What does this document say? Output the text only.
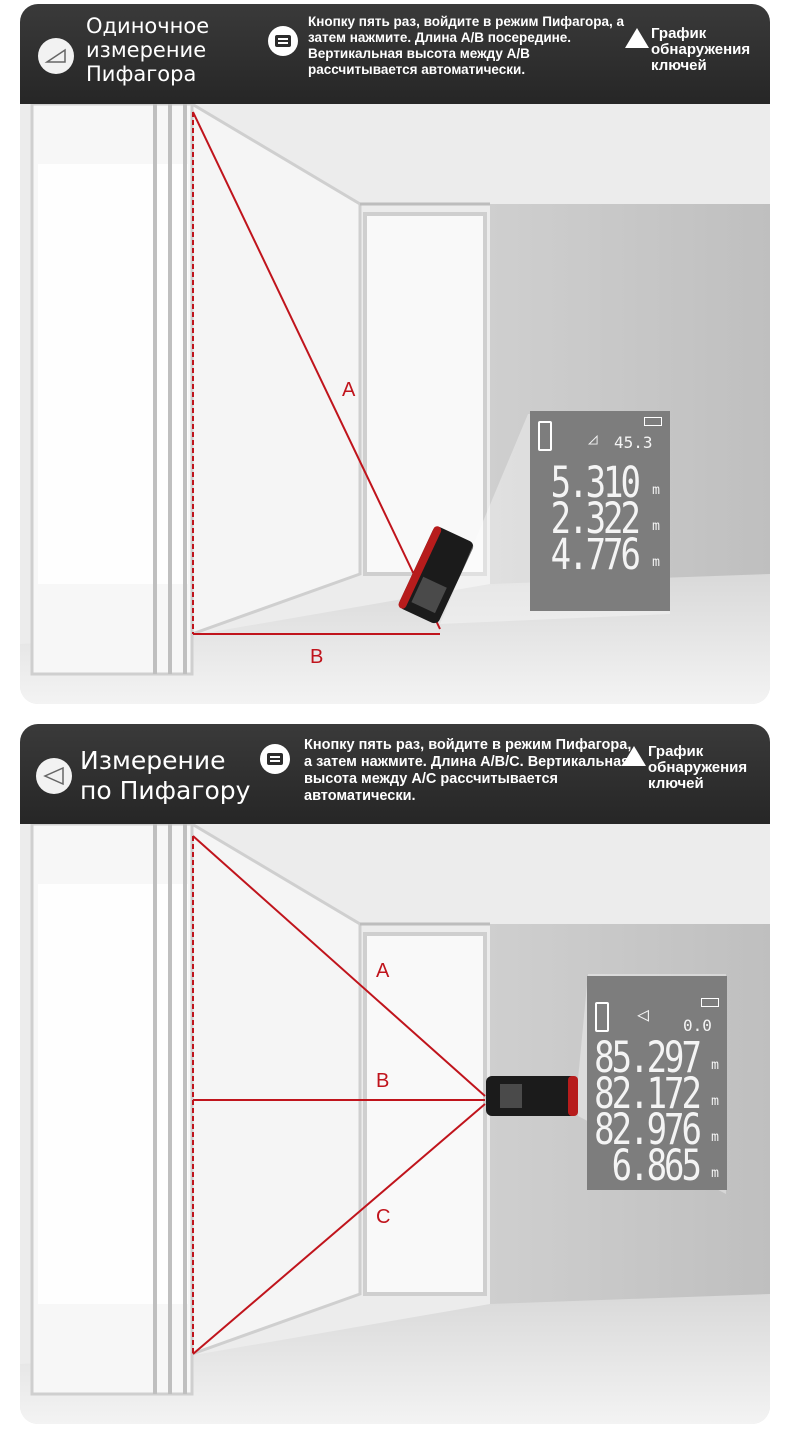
A
B
◿ 45.3
5.310 m
2.322 m
4.776 m
Одиночное
измерение
Пифагора
Кнопку пять раз, войдите в режим Пифагора, а затем нажмите. Длина А/В посередине. Вертикальная высота между А/В рассчитывается автоматически.
График
обнаружения
ключей
A
B
C
◁ 0.0
85.297 m
82.172 m
82.976 m
6.865 m
Измерение
по Пифагору
Кнопку пять раз, войдите в режим Пифагора, а затем нажмите. Длина А/В/С. Вертикальная высота между А/С рассчитывается автоматически.
График
обнаружения
ключей
